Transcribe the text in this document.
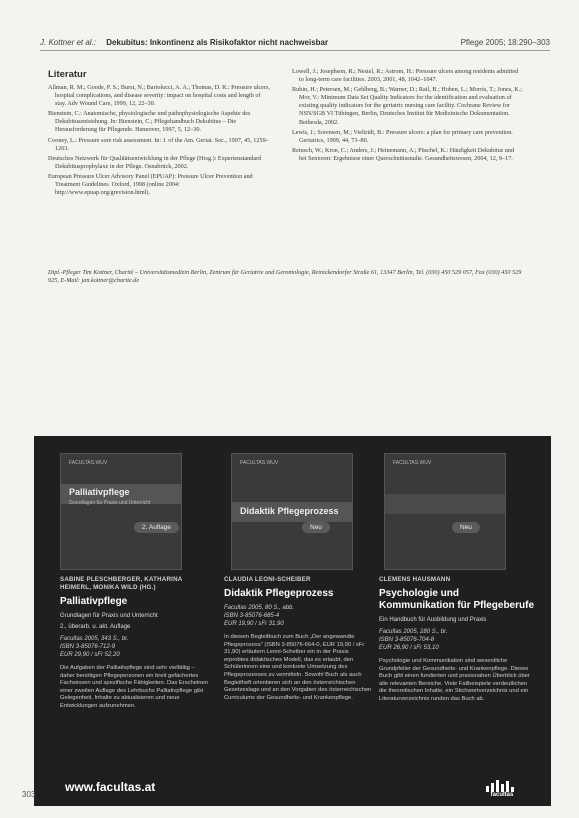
J. Kottner et al.: Dekubitus: Inkontinenz als Risikofaktor nicht nachweisbar	Pflege 2005; 18:290–303
Literatur

Allman, R. M.; Goode, P. S.; Burst, N.; Bartolucci, A. A.; Thomas, D. R.: Pressure ulcers, hospital complications, and disease severity: impact on hospital costs and length of stay. Adv Wound Care, 1999, 12, 22–30.

Bienstein, C.: Anatomische, physiologische und pathophysiologische Aspekte des Dekubitusentstehung. In: Bienstein, C.; Pflegehandbuch Dekubitus – Die Herausforderung für Pflegende. Hannover, 1997, 5, 12–30.

Cooney, L.: Pressure sore risk assessment. In: J. of the Am. Geriat. Soc., 1997, 45, 1259–1263.

Deutsches Netzwerk für Qualitätsentwicklung in der Pflege (Hrsg.): Expertenstandard Dekubitusprophylaxe in der Pflege. Osnabrück, 2002.

European Pressure Ulcer Advisory Panel (EPUAP): Pressure Ulcer Prevention and Treatment Guidelines. Oxford, 1998 (online 2004: http://www.epuap.org/grevision.html).

Lowell, J.; Josephson, R.; Nestel, R.; Astrom, H.: Pressure ulcers among residents admitted to long-term care facilities. 2003, 2001, 48, 1042–1047.

Rubin, H.; Petersen, M.; Gehlberg, B.; Warner, D.; Rail, B.; Hoben, L.; Morris, T.; Jones, K.; Mor, V.: Minimum Data Set Quality Indicators for the identification and evaluation of existing quality indicators for the geriatric nursing care facility. Cochrane Review for NSN/SGB VI Tübingen, Berlin, Deutsches Institut für Medizinische Dokumentation. Bethesda, 2002.

Lewis, J.; Sorensen, M.; Vieltridi, B.: Pressure ulcers: a plan for primary care prevention. Geriatrics, 1999, 44, 73–80.

Reinsch, W.; Kron, C.; Anders, J.; Heinemann, A.; Püschel, K.: Häufigkeit Dekubitus und bei Senioren: Ergebnisse einer Querschnittsstudie. Gesundheitswesen, 2004, 12, 9–17.

Dipl.-Pfleger Tim Kottner, Charité – Universitätsmedizin Berlin, Zentrum für Geriatrie und Gerontologie, Reinickendorfer Straße 61, 13347 Berlin, Tel. (030) 450 529 057, Fax (030) 450 529 925, E-Mail: jan.kottner@charite.de
FACULTAS.WUV
Palliativpflege
Grundlagen für Praxis und Unterricht
2. Auflage
FACULTAS.WUV
Didaktik Pflegeprozess
Neu
FACULTAS.WUV
Neu
SABINE PLESCHBERGER, KATHARINA HEIMERL, MONIKA WILD (HG.)
Palliativpflege
Grundlagen für Praxis und Unterricht
2., überarb. u. akt. Auflage
Facultas 2005, 343 S., br.
ISBN 3-85076-712-9
EUR 29,90 / sFr 52,20
Die Aufgaben der Palliativpflege sind sehr vielfältig – daher benötigen Pflegepersonen ein breit gefächertes Fachwissen und spezifische Fähigkeiten. Das Erscheinen einer zweiten Auflage des Lehrbuchs Palliativpflege gibt Gelegenheit, Inhalte zu aktualisieren und neue Entwicklungen aufzunehmen.
CLAUDIA LEONI-SCHEIBER
Didaktik Pflegeprozess
Facultas 2005, 80 S., abb.
ISBN 3-85076-685-4
EUR 19,90 / sFr 31,90
In diesem Begleitbuch zum Buch „Der angewandte Pflegeprozess" (ISBN 3-85076-664-0, EUR 19,90 / sFr 31,90) erläutern Leoni-Scheiber ein in der Praxis erprobtes didaktisches Modell, das es erlaubt, den Schülerinnen eine und konkrete Umsetzung des Pflegeprozesses zu vermitteln. Sowohl Buch als auch Begleitheft orientieren sich an den österreichischen Gesetzeslage und an den Vorgaben des österreichischen Curriculums der Gesundheits- und Krankenpflege.
CLEMENS HAUSMANN
Psychologie und Kommunikation für Pflegeberufe
Ein Handbuch für Ausbildung und Praxis
Facultas 2005, 280 S., br.
ISBN 3-85076-704-8
EUR 26,90 / sFr 53,10
Psychologie und Kommunikation sind wesentliche Grundpfeiler der Gesundheits- und Krankenpflege. Dieses Buch gibt einen fundierten und praxisnahen Überblick über alle relevanten Bereiche. Viele Fallbeispiele verdeutlichen die theoretischen Inhalte, ein Stichwortverzeichnis und ein Literaturverzeichnis runden das Buch ab.
www.facultas.at
facultas
303
